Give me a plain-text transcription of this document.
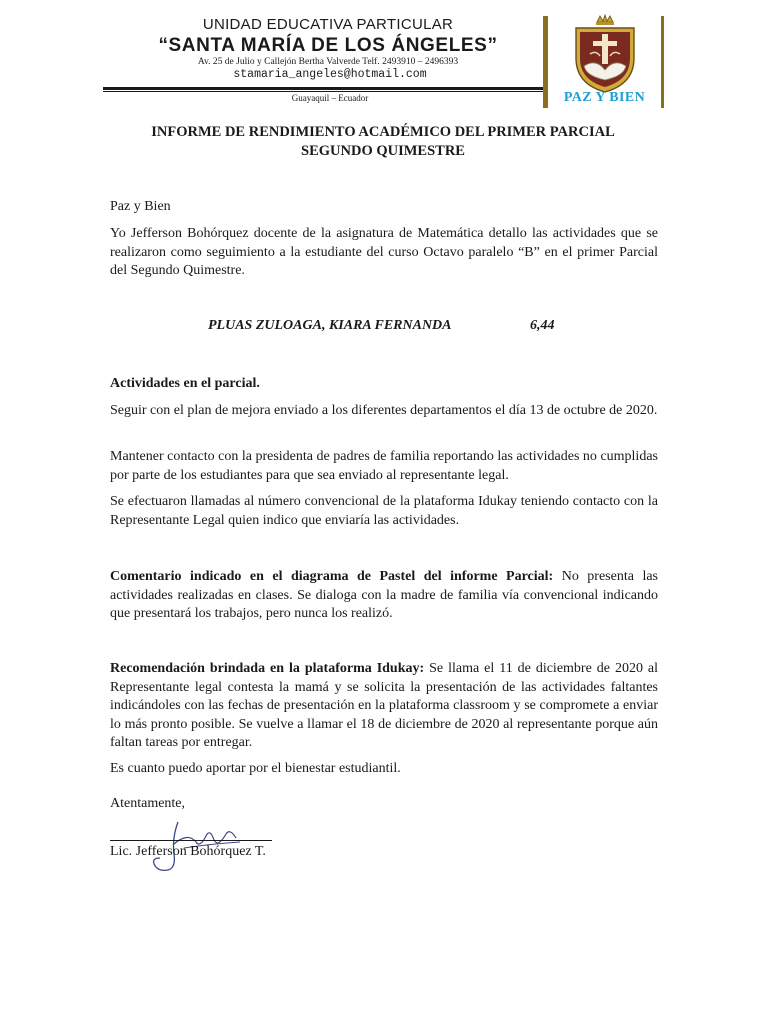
UNIDAD EDUCATIVA PARTICULAR
“SANTA MARÍA DE LOS ÁNGELES”
Av. 25 de Julio y Callejón Bertha Valverde Telf. 2493910 – 2496393
stamaria_angeles@hotmail.com
Guayaquil – Ecuador	PAZ Y BIEN
INFORME DE RENDIMIENTO ACADÉMICO DEL PRIMER PARCIAL
SEGUNDO QUIMESTRE
Paz y Bien
Yo Jefferson Bohórquez docente de la asignatura de Matemática detallo las actividades que se realizaron como seguimiento a la estudiante del curso Octavo paralelo “B” en el primer Parcial del Segundo Quimestre.
PLUAS ZULOAGA, KIARA FERNANDA	6,44
Actividades en el parcial.
Seguir con el plan de mejora enviado a los diferentes departamentos el día 13 de octubre de 2020.
Mantener contacto con la presidenta de padres de familia reportando las actividades no cumplidas por parte de los estudiantes para que sea enviado al representante legal.
Se efectuaron llamadas al número convencional de la plataforma Idukay teniendo contacto con la Representante Legal quien indico que enviaría las actividades.
Comentario indicado en el diagrama de Pastel del informe Parcial: No presenta las actividades realizadas en clases. Se dialoga con la madre de familia vía convencional indicando que presentará los trabajos, pero nunca los realizó.
Recomendación brindada en la plataforma Idukay: Se llama el 11 de diciembre de 2020 al Representante legal contesta la mamá y se solicita la presentación de las actividades faltantes indicándoles con las fechas de presentación en la plataforma classroom y se compromete a enviar lo más pronto posible. Se vuelve a llamar el 18 de diciembre de 2020 al representante porque aún faltan tareas por entregar.
Es cuanto puedo aportar por el bienestar estudiantil.
Atentamente,
Lic. Jefferson Bohórquez T.
